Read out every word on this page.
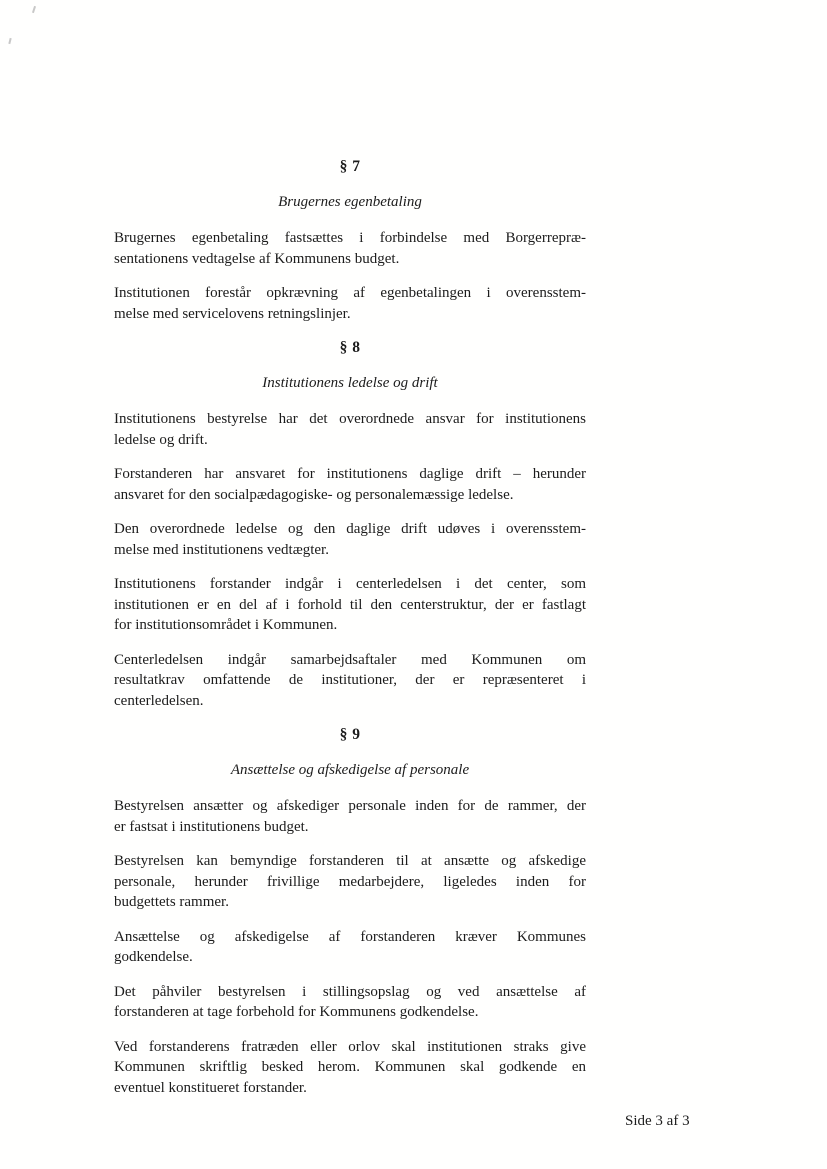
§ 7
Brugernes egenbetaling
Brugernes egenbetaling fastsættes i forbindelse med Borgerrepræ-
sentationens vedtagelse af Kommunens budget.
Institutionen forestår opkrævning af egenbetalingen i overensstem-
melse med servicelovens retningslinjer.
§ 8
Institutionens ledelse og drift
Institutionens bestyrelse har det overordnede ansvar for institutionens
ledelse og drift.
Forstanderen har ansvaret for institutionens daglige drift – herunder
ansvaret for den socialpædagogiske- og personalemæssige ledelse.
Den overordnede ledelse og den daglige drift udøves i overensstem-
melse med institutionens vedtægter.
Institutionens forstander indgår i centerledelsen i det center, som
institutionen er en del af i forhold til den centerstruktur, der er fastlagt
for institutionsområdet i Kommunen.
Centerledelsen indgår samarbejdsaftaler med Kommunen om
resultatkrav omfattende de institutioner, der er repræsenteret i
centerledelsen.
§ 9
Ansættelse og afskedigelse af personale
Bestyrelsen ansætter og afskediger personale inden for de rammer, der
er fastsat i institutionens budget.
Bestyrelsen kan bemyndige forstanderen til at ansætte og afskedige
personale, herunder frivillige medarbejdere, ligeledes inden for
budgettets rammer.
Ansættelse og afskedigelse af forstanderen kræver Kommunes
godkendelse.
Det påhviler bestyrelsen i stillingsopslag og ved ansættelse af
forstanderen at tage forbehold for Kommunens godkendelse.
Ved forstanderens fratræden eller orlov skal institutionen straks give
Kommunen skriftlig besked herom. Kommunen skal godkende en
eventuel konstitueret forstander.
Side 3 af 3
